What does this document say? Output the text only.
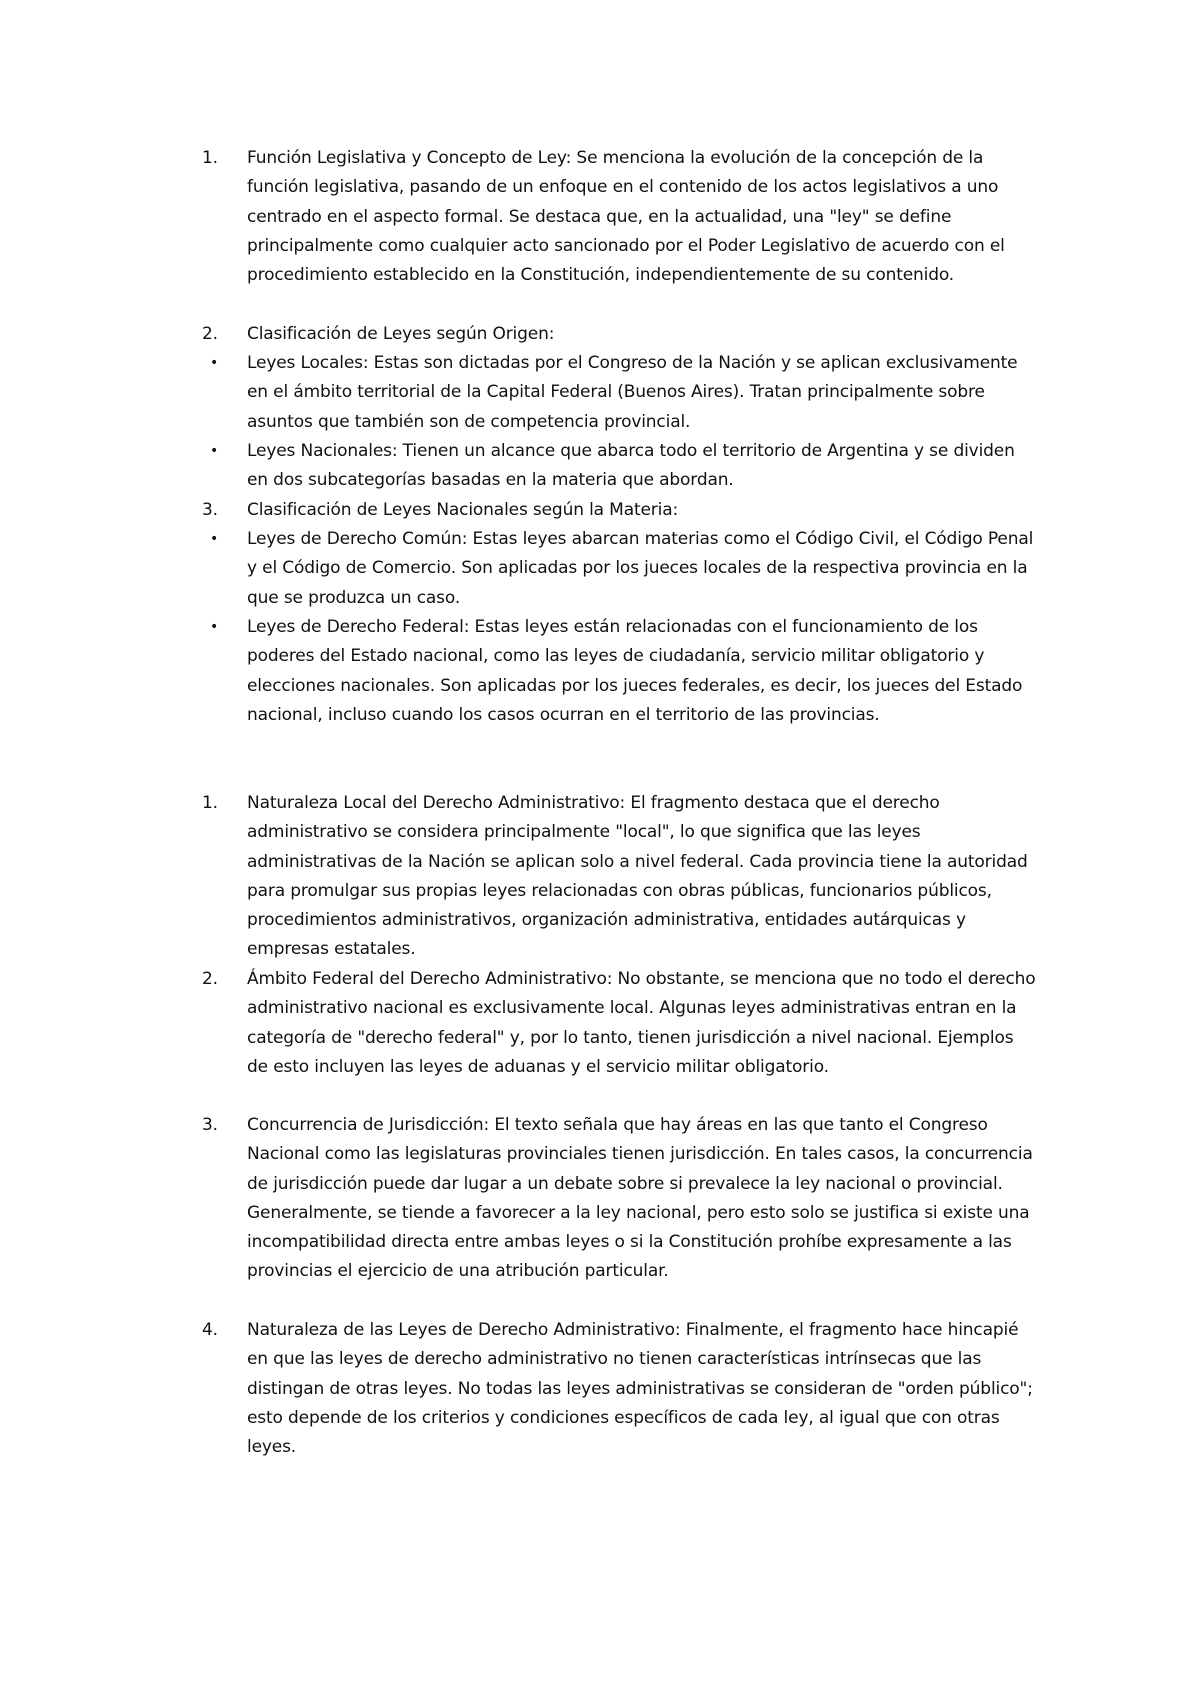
1.	Función Legislativa y Concepto de Ley: Se menciona la evolución de la concepción de la función legislativa, pasando de un enfoque en el contenido de los actos legislativos a uno centrado en el aspecto formal. Se destaca que, en la actualidad, una "ley" se define principalmente como cualquier acto sancionado por el Poder Legislativo de acuerdo con el procedimiento establecido en la Constitución, independientemente de su contenido.
2.	Clasificación de Leyes según Origen:
• Leyes Locales: Estas son dictadas por el Congreso de la Nación y se aplican exclusivamente en el ámbito territorial de la Capital Federal (Buenos Aires). Tratan principalmente sobre asuntos que también son de competencia provincial.
• Leyes Nacionales: Tienen un alcance que abarca todo el territorio de Argentina y se dividen en dos subcategorías basadas en la materia que abordan.
3.	Clasificación de Leyes Nacionales según la Materia:
• Leyes de Derecho Común: Estas leyes abarcan materias como el Código Civil, el Código Penal y el Código de Comercio. Son aplicadas por los jueces locales de la respectiva provincia en la que se produzca un caso.
• Leyes de Derecho Federal: Estas leyes están relacionadas con el funcionamiento de los poderes del Estado nacional, como las leyes de ciudadanía, servicio militar obligatorio y elecciones nacionales. Son aplicadas por los jueces federales, es decir, los jueces del Estado nacional, incluso cuando los casos ocurran en el territorio de las provincias.
1.	Naturaleza Local del Derecho Administrativo: El fragmento destaca que el derecho administrativo se considera principalmente "local", lo que significa que las leyes administrativas de la Nación se aplican solo a nivel federal. Cada provincia tiene la autoridad para promulgar sus propias leyes relacionadas con obras públicas, funcionarios públicos, procedimientos administrativos, organización administrativa, entidades autárquicas y empresas estatales.
2.	Ámbito Federal del Derecho Administrativo: No obstante, se menciona que no todo el derecho administrativo nacional es exclusivamente local. Algunas leyes administrativas entran en la categoría de "derecho federal" y, por lo tanto, tienen jurisdicción a nivel nacional. Ejemplos de esto incluyen las leyes de aduanas y el servicio militar obligatorio.
3.	Concurrencia de Jurisdicción: El texto señala que hay áreas en las que tanto el Congreso Nacional como las legislaturas provinciales tienen jurisdicción. En tales casos, la concurrencia de jurisdicción puede dar lugar a un debate sobre si prevalece la ley nacional o provincial. Generalmente, se tiende a favorecer a la ley nacional, pero esto solo se justifica si existe una incompatibilidad directa entre ambas leyes o si la Constitución prohíbe expresamente a las provincias el ejercicio de una atribución particular.
4.	Naturaleza de las Leyes de Derecho Administrativo: Finalmente, el fragmento hace hincapié en que las leyes de derecho administrativo no tienen características intrínsecas que las distingan de otras leyes. No todas las leyes administrativas se consideran de "orden público"; esto depende de los criterios y condiciones específicos de cada ley, al igual que con otras leyes.
